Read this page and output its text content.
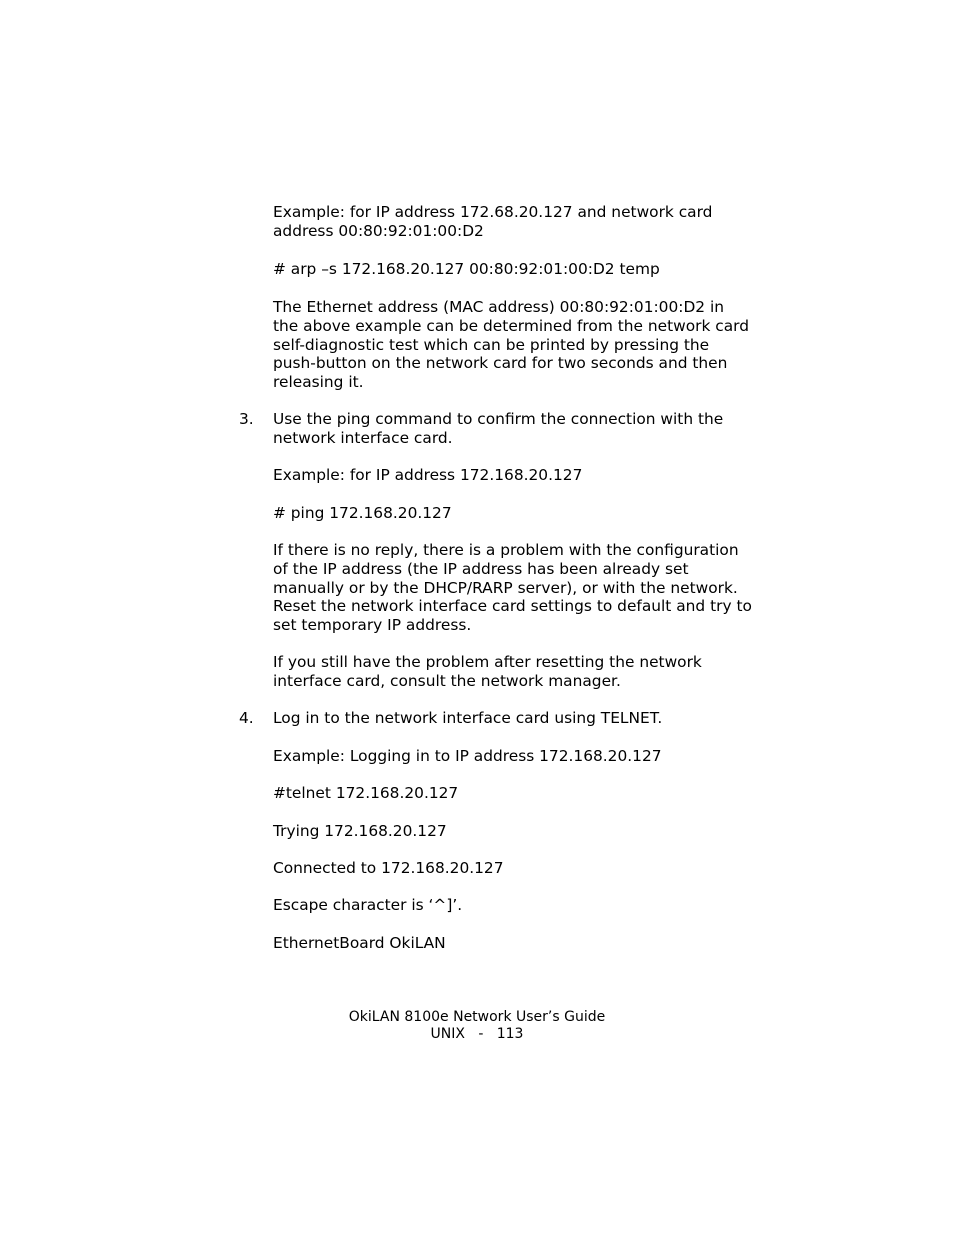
Example: for IP address 172.68.20.127 and network card address 00:80:92:01:00:D2

# arp –s 172.168.20.127 00:80:92:01:00:D2 temp

The Ethernet address (MAC address) 00:80:92:01:00:D2 in the above example can be determined from the network card self-diagnostic test which can be printed by pressing the push-button on the network card for two seconds and then releasing it.

3. Use the ping command to confirm the connection with the network interface card.

Example: for IP address 172.168.20.127

# ping 172.168.20.127

If there is no reply, there is a problem with the configuration of the IP address (the IP address has been already set manually or by the DHCP/RARP server), or with the network. Reset the network interface card settings to default and try to set temporary IP address.

If you still have the problem after resetting the network interface card, consult the network manager.

4. Log in to the network interface card using TELNET.

Example: Logging in to IP address 172.168.20.127

#telnet 172.168.20.127

Trying 172.168.20.127

Connected to 172.168.20.127

Escape character is ‘^]’.

EthernetBoard OkiLAN

OkiLAN 8100e Network User’s Guide
UNIX   -   113
